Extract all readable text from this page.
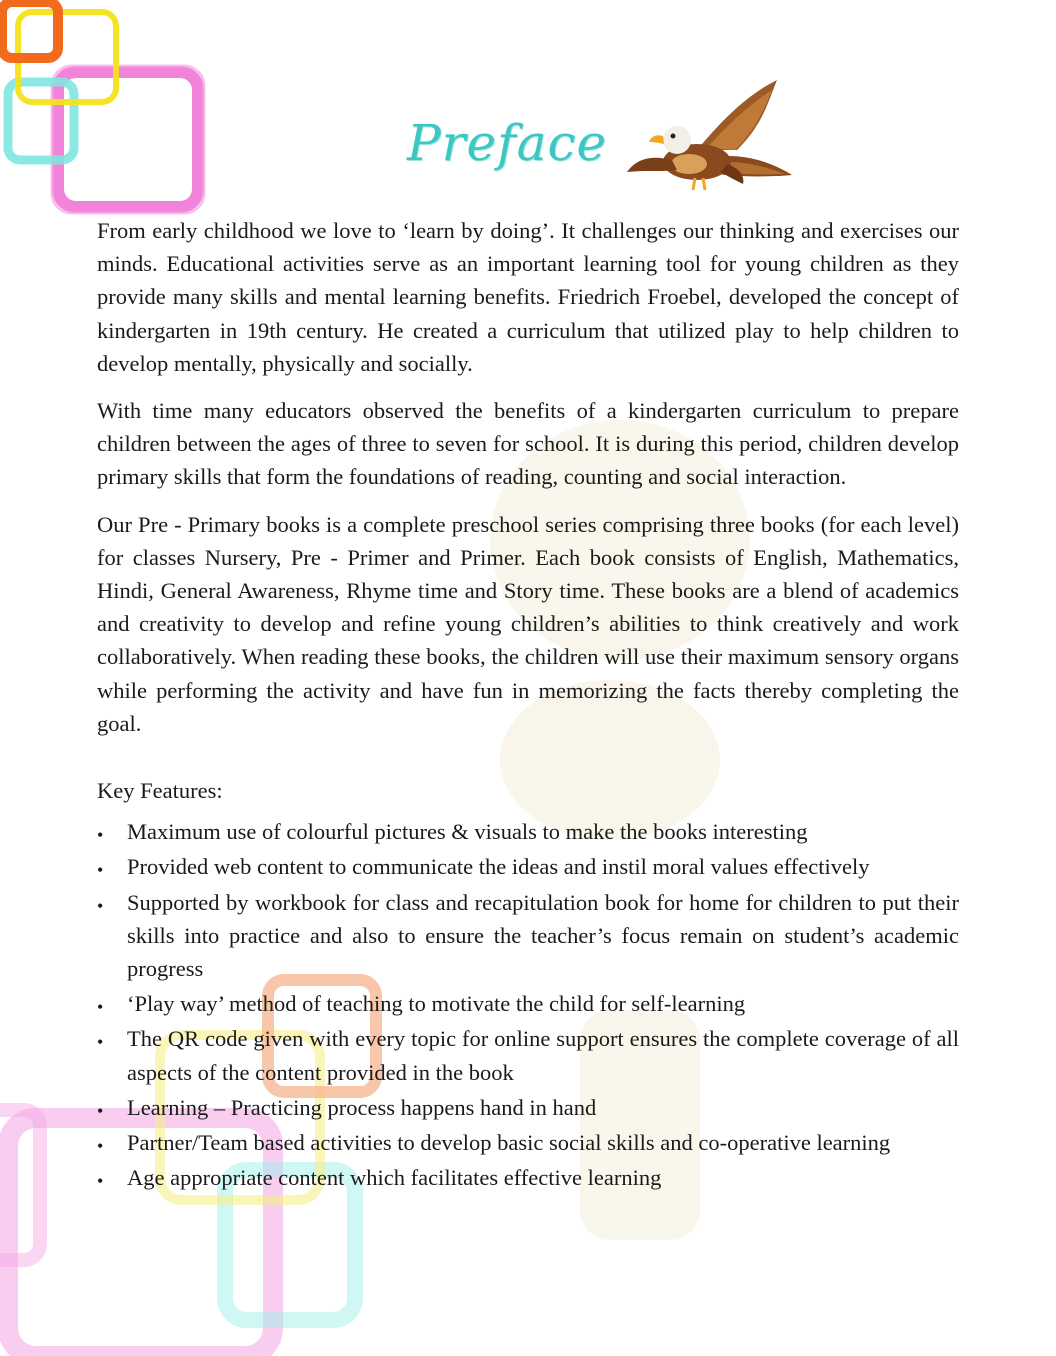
Preface

From early childhood we love to ‘learn by doing’. It challenges our thinking and exercises our minds. Educational activities serve as an important learning tool for young children as they provide many skills and mental learning benefits. Friedrich Froebel, developed the concept of kindergarten in 19th century. He created a curriculum that utilized play to help children to develop mentally, physically and socially.

With time many educators observed the benefits of a kindergarten curriculum to prepare children between the ages of three to seven for school. It is during this period, children develop primary skills that form the foundations of reading, counting and social interaction.

Our Pre - Primary books is a complete preschool series comprising three books (for each level) for classes Nursery, Pre - Primer and Primer. Each book consists of English, Mathematics, Hindi, General Awareness, Rhyme time and Story time. These books are a blend of academics and creativity to develop and refine young children’s abilities to think creatively and work collaboratively. When reading these books, the children will use their maximum sensory organs while performing the activity and have fun in memorizing the facts thereby completing the goal.

Key Features:
• Maximum use of colourful pictures & visuals to make the books interesting
• Provided web content to communicate the ideas and instil moral values effectively
• Supported by workbook for class and recapitulation book for home for children to put their skills into practice and also to ensure the teacher’s focus remain on student’s academic progress
• ‘Play way’ method of teaching to motivate the child for self-learning
• The QR code given with every topic for online support ensures the complete coverage of all aspects of the content provided in the book
• Learning – Practicing process happens hand in hand
• Partner/Team based activities to develop basic social skills and co-operative learning
• Age appropriate content which facilitates effective learning
